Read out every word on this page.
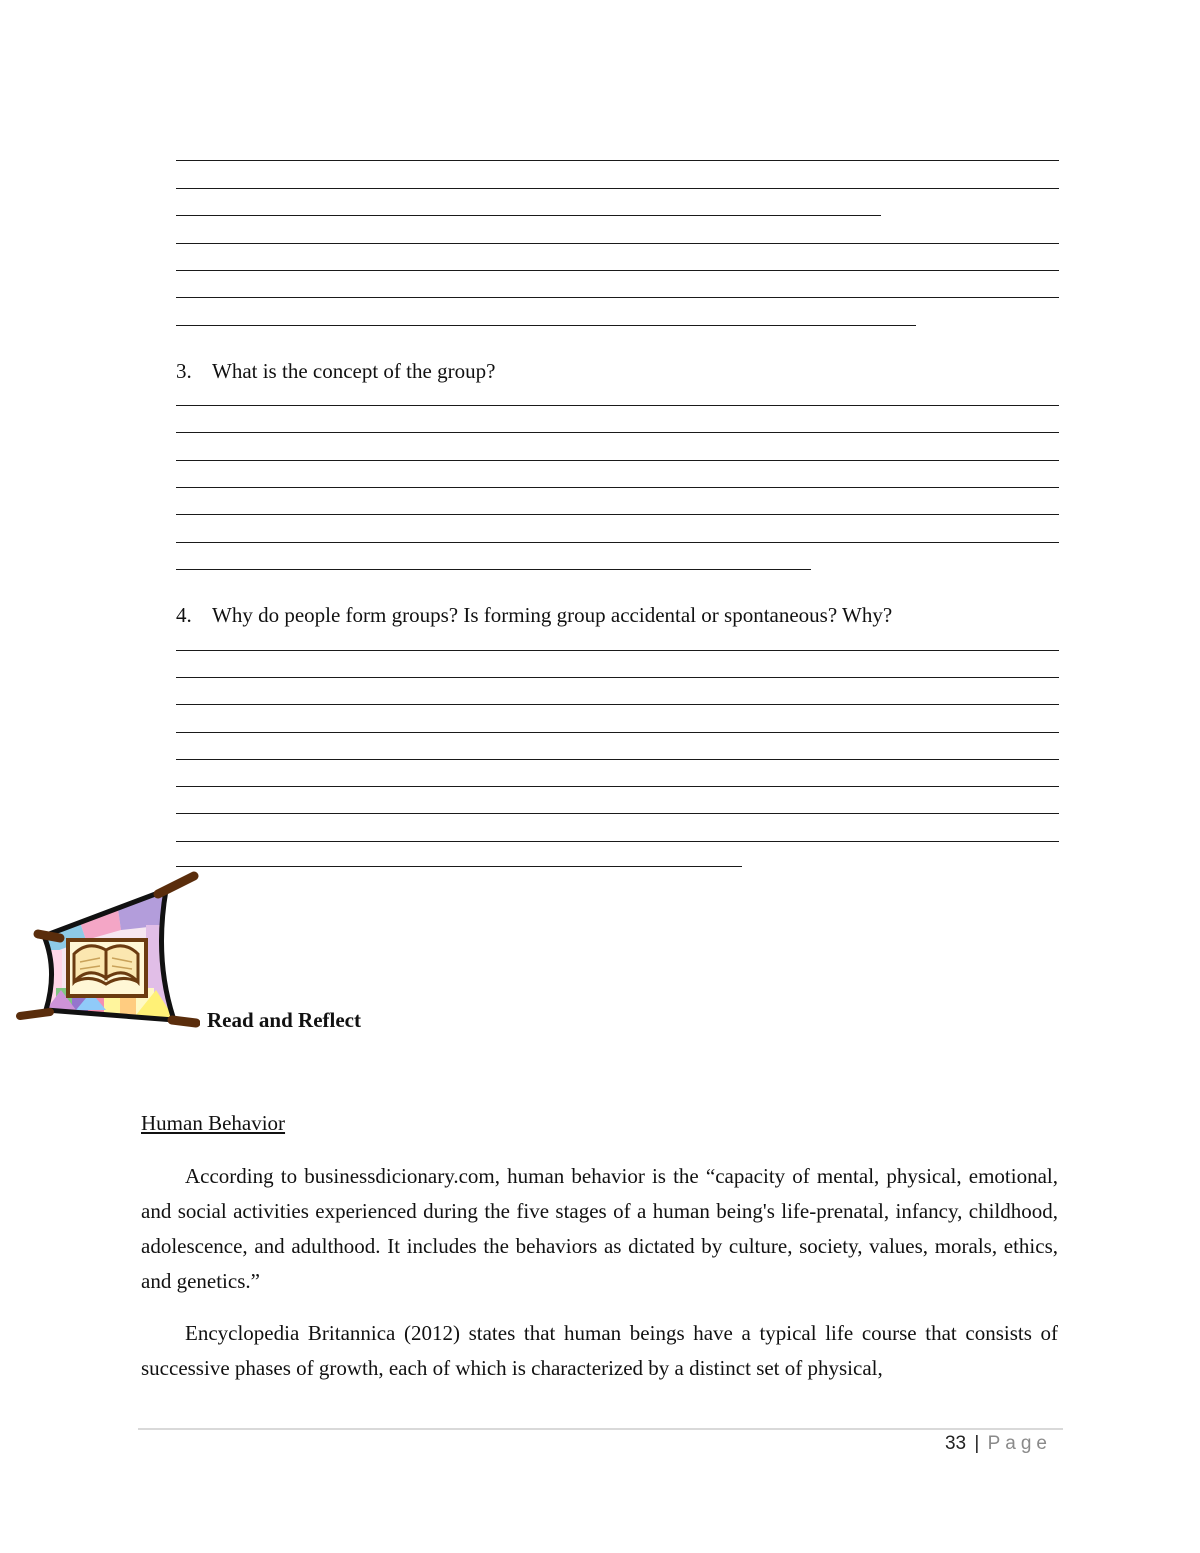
3. What is the concept of the group?

4. Why do people form groups? Is forming group accidental or spontaneous? Why?

Read and Reflect

Human Behavior

According to businessdicionary.com, human behavior is the “capacity of mental, physical, emotional, and social activities experienced during the five stages of a human being's life-prenatal, infancy, childhood, adolescence, and adulthood. It includes the behaviors as dictated by culture, society, values, morals, ethics, and genetics.”

Encyclopedia Britannica (2012) states that human beings have a typical life course that consists of successive phases of growth, each of which is characterized by a distinct set of physical,

33 | Page
